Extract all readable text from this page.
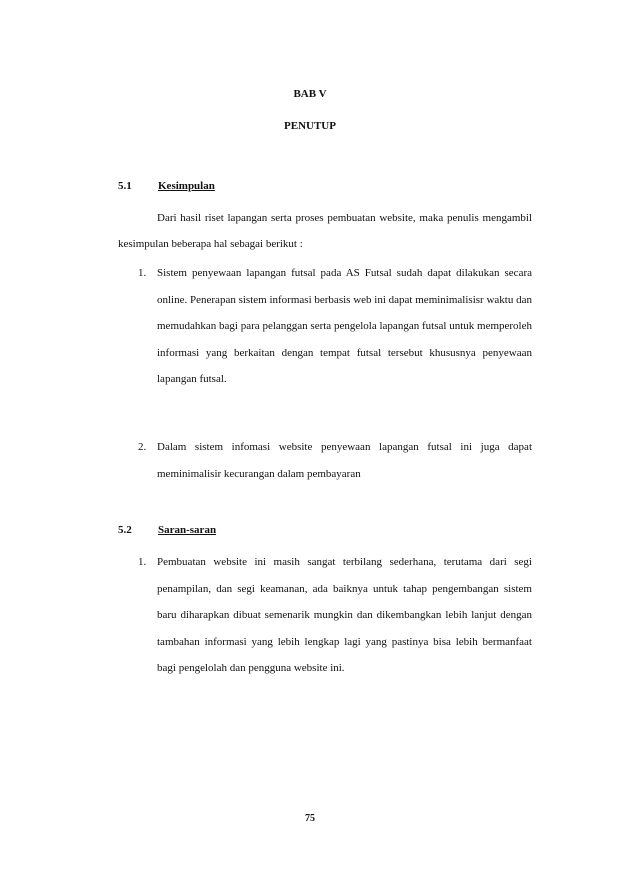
BAB V
PENUTUP
5.1 Kesimpulan
Dari hasil riset lapangan serta proses pembuatan website, maka penulis mengambil kesimpulan beberapa hal sebagai berikut :
1. Sistem penyewaan lapangan futsal pada AS Futsal sudah dapat dilakukan secara online. Penerapan sistem informasi berbasis web ini dapat meminimalisisr waktu dan memudahkan bagi para pelanggan serta pengelola lapangan futsal untuk memperoleh informasi yang berkaitan dengan tempat futsal tersebut khususnya penyewaan lapangan futsal.
2. Dalam sistem infomasi website penyewaan lapangan futsal ini juga dapat meminimalisir kecurangan dalam pembayaran
5.2 Saran-saran
1. Pembuatan website ini masih sangat terbilang sederhana, terutama dari segi penampilan, dan segi keamanan, ada baiknya untuk tahap pengembangan sistem baru diharapkan dibuat semenarik mungkin dan dikembangkan lebih lanjut dengan tambahan informasi yang lebih lengkap lagi yang pastinya bisa lebih bermanfaat bagi pengelolah dan pengguna website ini.
75
